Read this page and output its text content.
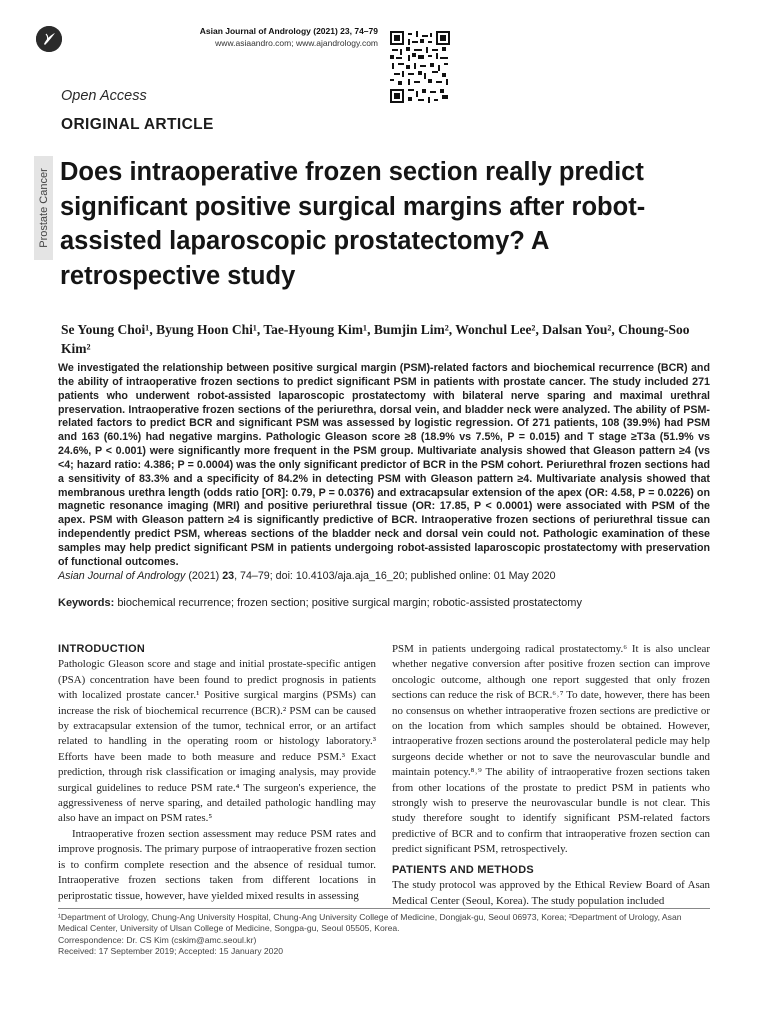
Asian Journal of Andrology (2021) 23, 74–79
www.asiaandro.com; www.ajandrology.com
Open Access
ORIGINAL ARTICLE
Prostate Cancer Does intraoperative frozen section really predict significant positive surgical margins after robot-assisted laparoscopic prostatectomy? A retrospective study
Se Young Choi¹, Byung Hoon Chi¹, Tae-Hyoung Kim¹, Bumjin Lim², Wonchul Lee², Dalsan You², Choung-Soo Kim²
We investigated the relationship between positive surgical margin (PSM)-related factors and biochemical recurrence (BCR) and the ability of intraoperative frozen sections to predict significant PSM in patients with prostate cancer. The study included 271 patients who underwent robot-assisted laparoscopic prostatectomy with bilateral nerve sparing and maximal urethral preservation. Intraoperative frozen sections of the periurethra, dorsal vein, and bladder neck were analyzed. The ability of PSM-related factors to predict BCR and significant PSM was assessed by logistic regression. Of 271 patients, 108 (39.9%) had PSM and 163 (60.1%) had negative margins. Pathologic Gleason score ≥8 (18.9% vs 7.5%, P = 0.015) and T stage ≥T3a (51.9% vs 24.6%, P < 0.001) were significantly more frequent in the PSM group. Multivariate analysis showed that Gleason pattern ≥4 (vs <4; hazard ratio: 4.386; P = 0.0004) was the only significant predictor of BCR in the PSM cohort. Periurethral frozen sections had a sensitivity of 83.3% and a specificity of 84.2% in detecting PSM with Gleason pattern ≥4. Multivariate analysis showed that membranous urethra length (odds ratio [OR]: 0.79, P = 0.0376) and extracapsular extension of the apex (OR: 4.58, P = 0.0226) on magnetic resonance imaging (MRI) and positive periurethral tissue (OR: 17.85, P < 0.0001) were associated with PSM of the apex. PSM with Gleason pattern ≥4 is significantly predictive of BCR. Intraoperative frozen sections of periurethral tissue can independently predict PSM, whereas sections of the bladder neck and dorsal vein could not. Pathologic examination of these samples may help predict significant PSM in patients undergoing robot-assisted laparoscopic prostatectomy with preservation of functional outcomes.
Asian Journal of Andrology (2021) 23, 74–79; doi: 10.4103/aja.aja_16_20; published online: 01 May 2020
Keywords: biochemical recurrence; frozen section; positive surgical margin; robotic-assisted prostatectomy
INTRODUCTION

Pathologic Gleason score and stage and initial prostate-specific antigen (PSA) concentration have been found to predict prognosis in patients with localized prostate cancer.¹ Positive surgical margins (PSMs) can increase the risk of biochemical recurrence (BCR).² PSM can be caused by extracapsular extension of the tumor, technical error, or an artifact related to handling in the operating room or histology laboratory.³ Efforts have been made to both measure and reduce PSM.³ Exact prediction, through risk classification or imaging analysis, may provide surgical guidelines to reduce PSM rate.⁴ The surgeon's experience, the aggressiveness of nerve sparing, and detailed pathologic handling may also have an impact on PSM rates.⁵

Intraoperative frozen section assessment may reduce PSM rates and improve prognosis. The primary purpose of intraoperative frozen section is to confirm complete resection and the absence of residual tumor. Intraoperative frozen sections taken from different locations in periprostatic tissue, however, have yielded mixed results in assessing

PSM in patients undergoing radical prostatectomy.⁶ It is also unclear whether negative conversion after positive frozen section can improve oncologic outcome, although one report suggested that only frozen sections can reduce the risk of BCR.⁶˒⁷ To date, however, there has been no consensus on whether intraoperative frozen sections are predictive or on the location from which samples should be obtained. However, intraoperative frozen sections around the posterolateral pedicle may help surgeons decide whether or not to save the neurovascular bundle and maintain potency.⁸˒⁹ The ability of intraoperative frozen sections taken from other locations of the prostate to predict PSM in patients who strongly wish to preserve the neurovascular bundle is not clear. This study therefore sought to identify significant PSM-related factors predictive of BCR and to confirm that intraoperative frozen section can predict significant PSM, retrospectively.

PATIENTS AND METHODS

The study protocol was approved by the Ethical Review Board of Asan Medical Center (Seoul, Korea). The study population included

¹Department of Urology, Chung-Ang University Hospital, Chung-Ang University College of Medicine, Dongjak-gu, Seoul 06973, Korea; ²Department of Urology, Asan Medical Center, University of Ulsan College of Medicine, Songpa-gu, Seoul 05505, Korea.
Correspondence: Dr. CS Kim (cskim@amc.seoul.kr)
Received: 17 September 2019; Accepted: 15 January 2020
